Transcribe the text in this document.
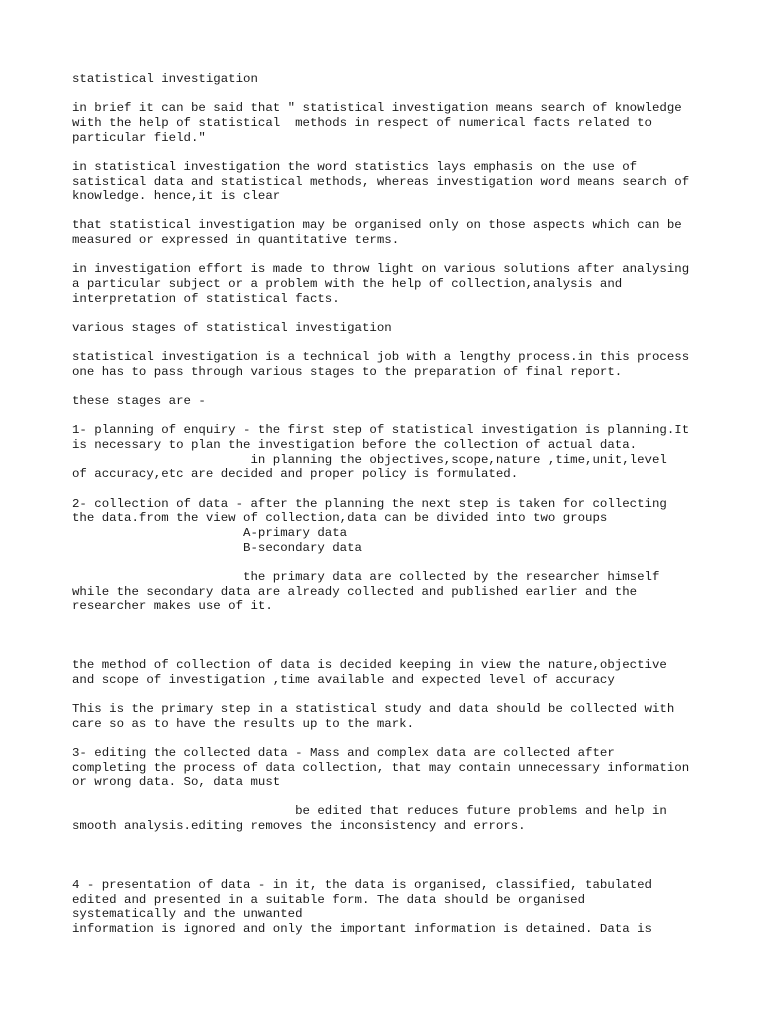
statistical investigation

in brief it can be said that " statistical investigation means search of knowledge
with the help of statistical  methods in respect of numerical facts related to
particular field."

in statistical investigation the word statistics lays emphasis on the use of
satistical data and statistical methods, whereas investigation word means search of
knowledge. hence,it is clear

that statistical investigation may be organised only on those aspects which can be
measured or expressed in quantitative terms.

in investigation effort is made to throw light on various solutions after analysing
a particular subject or a problem with the help of collection,analysis and
interpretation of statistical facts.

various stages of statistical investigation

statistical investigation is a technical job with a lengthy process.in this process
one has to pass through various stages to the preparation of final report.

these stages are -

1- planning of enquiry - the first step of statistical investigation is planning.It
is necessary to plan the investigation before the collection of actual data.
in planning the objectives,scope,nature ,time,unit,level
of accuracy,etc are decided and proper policy is formulated.

2- collection of data - after the planning the next step is taken for collecting
the data.from the view of collection,data can be divided into two groups
A-primary data
B-secondary data

the primary data are collected by the researcher himself
while the secondary data are already collected and published earlier and the
researcher makes use of it.

the method of collection of data is decided keeping in view the nature,objective
and scope of investigation ,time available and expected level of accuracy

This is the primary step in a statistical study and data should be collected with
care so as to have the results up to the mark.

3- editing the collected data - Mass and complex data are collected after
completing the process of data collection, that may contain unnecessary information
or wrong data. So, data must

be edited that reduces future problems and help in
smooth analysis.editing removes the inconsistency and errors.

4 - presentation of data - in it, the data is organised, classified, tabulated
edited and presented in a suitable form. The data should be organised
systematically and the unwanted
information is ignored and only the important information is detained. Data is
